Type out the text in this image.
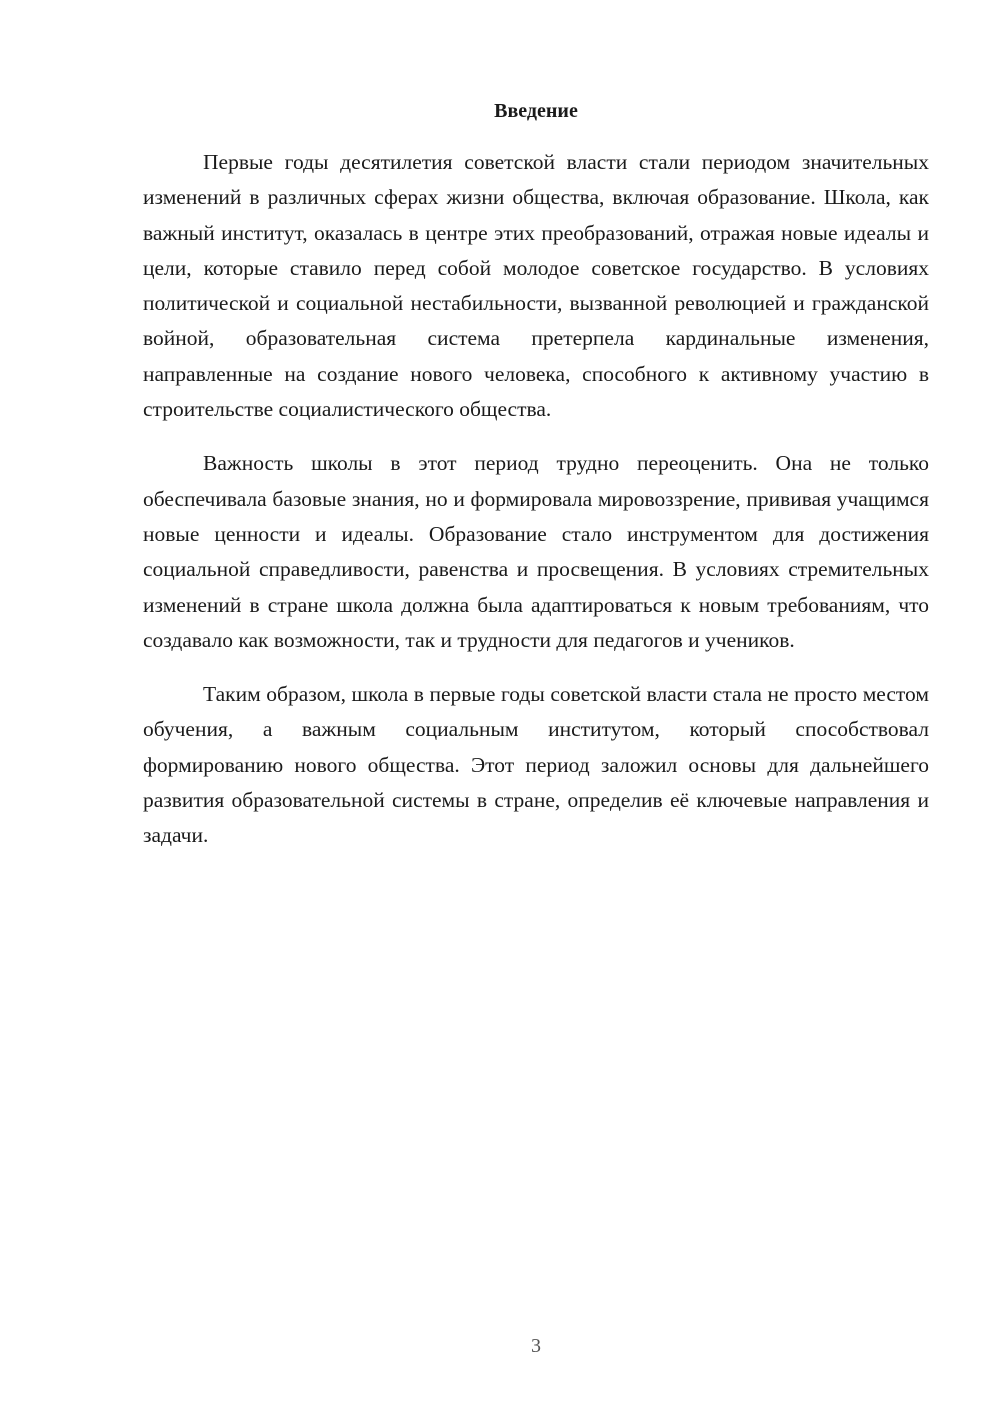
Введение

Первые годы десятилетия советской власти стали периодом значительных изменений в различных сферах жизни общества, включая образование. Школа, как важный институт, оказалась в центре этих преобразований, отражая новые идеалы и цели, которые ставило перед собой молодое советское государство. В условиях политической и социальной нестабильности, вызванной революцией и гражданской войной, образовательная система претерпела кардинальные изменения, направленные на создание нового человека, способного к активному участию в строительстве социалистического общества.

Важность школы в этот период трудно переоценить. Она не только обеспечивала базовые знания, но и формировала мировоззрение, прививая учащимся новые ценности и идеалы. Образование стало инструментом для достижения социальной справедливости, равенства и просвещения. В условиях стремительных изменений в стране школа должна была адаптироваться к новым требованиям, что создавало как возможности, так и трудности для педагогов и учеников.

Таким образом, школа в первые годы советской власти стала не просто местом обучения, а важным социальным институтом, который способствовал формированию нового общества. Этот период заложил основы для дальнейшего развития образовательной системы в стране, определив её ключевые направления и задачи.

3
